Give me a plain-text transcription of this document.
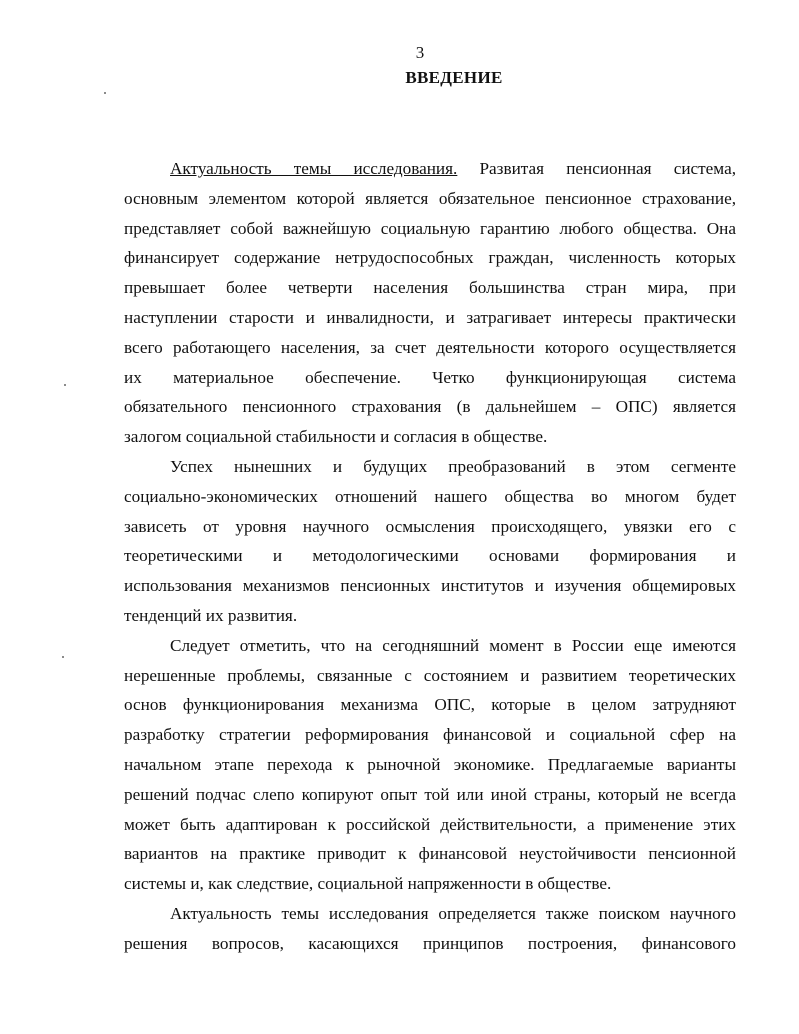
3
ВВЕДЕНИЕ
Актуальность темы исследования. Развитая пенсионная система,
основным элементом которой является обязательное пенсионное страхование,
представляет собой важнейшую социальную гарантию любого общества. Она
финансирует содержание нетрудоспособных граждан, численность которых
превышает более четверти населения большинства стран мира, при
наступлении старости и инвалидности, и затрагивает интересы практически
всего работающего населения, за счет деятельности которого осуществляется
их материальное обеспечение. Четко функционирующая система
обязательного пенсионного страхования (в дальнейшем – ОПС) является
залогом социальной стабильности и согласия в обществе.
Успех нынешних и будущих преобразований в этом сегменте
социально-экономических отношений нашего общества во многом будет
зависеть от уровня научного осмысления происходящего, увязки его с
теоретическими и методологическими основами формирования и
использования механизмов пенсионных институтов и изучения общемировых
тенденций их развития.
Следует отметить, что на сегодняшний момент в России еще имеются
нерешенные проблемы, связанные с состоянием и развитием теоретических
основ функционирования механизма ОПС, которые в целом затрудняют
разработку стратегии реформирования финансовой и социальной сфер на
начальном этапе перехода к рыночной экономике. Предлагаемые варианты
решений подчас слепо копируют опыт той или иной страны, который не всегда
может быть адаптирован к российской действительности, а применение этих
вариантов на практике приводит к финансовой неустойчивости пенсионной
системы и, как следствие, социальной напряженности в обществе.
Актуальность темы исследования определяется также поиском научного
решения вопросов, касающихся принципов построения, финансового
